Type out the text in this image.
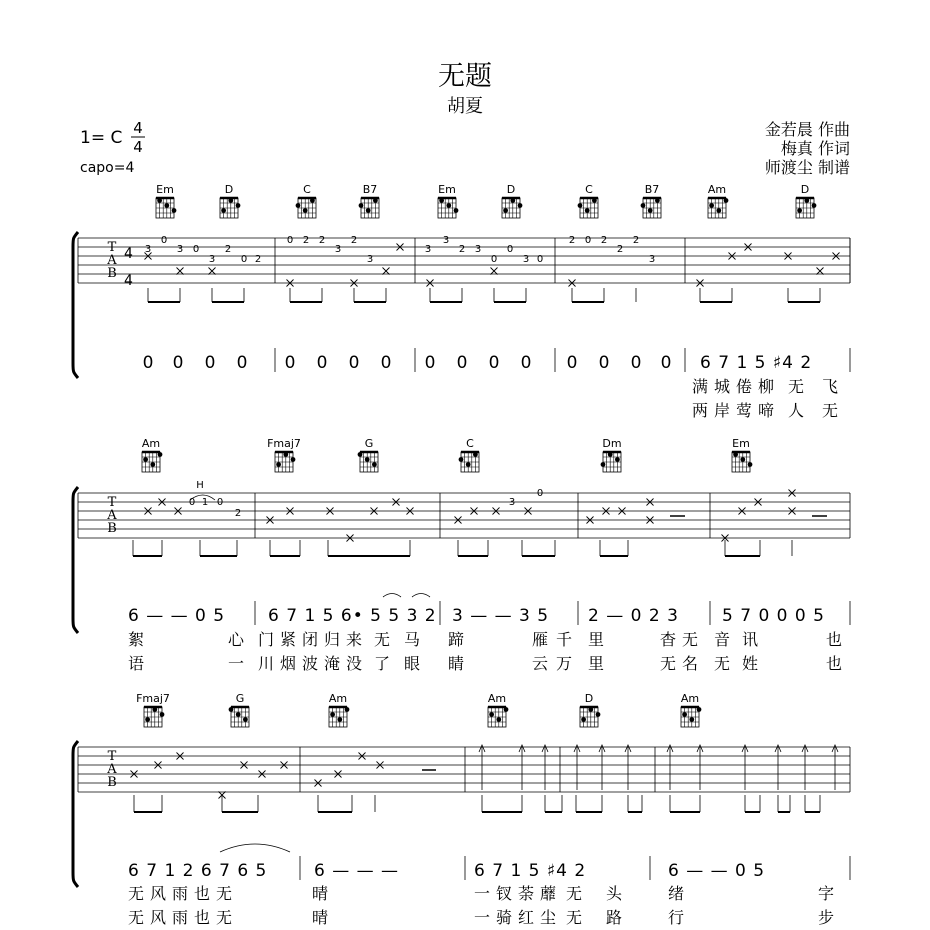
无题
胡夏
金若晨 作曲
梅真 作词
师渡尘 制谱
1= C
capo=4
4
4
Em	D	C	B7	Em	D	C	B7	Am	D
T
A
B
4
4
3
0
3 0
3
2
0 2
0 2 2
3
2
3
3
2 3
0
0
3 0
2 0 2
2
3
2
3
0 0 0 0 0 0 0 0 0 0 0 0 0 0 0 0 6 7 1 5 ♯4 2
满 城 倦 柳 无 飞
两 岸 莺 啼 人 无
Am	Fmaj7	G	C	Dm	Em
T
A
B
H
0 1 0
2
3
0
6 — — 0 5	6 7 1 5 6• 5 5 3 2 3 — — 3 5 2 — 0 2 3	5 7 0 0 0 5
絮	心 门 紧 闭 归 来 无 马 蹄	雁 千 里	杳 无 音 讯	也
语	一 川 烟 波 淹 没 了 眼 睛	云 万 里	无 名 无 姓	也
Fmaj7	G	Am	Am	D	Am
T
A
B
6 7 1 2 6 7 6 5	6 — — —	6 7 1 5 ♯4 2	6 — — 0 5
无 风 雨 也 无	晴	一 钗 荼 蘼 无 头	绪	字
无 风 雨 也 无	晴	一 骑 红 尘 无 路	行	步
